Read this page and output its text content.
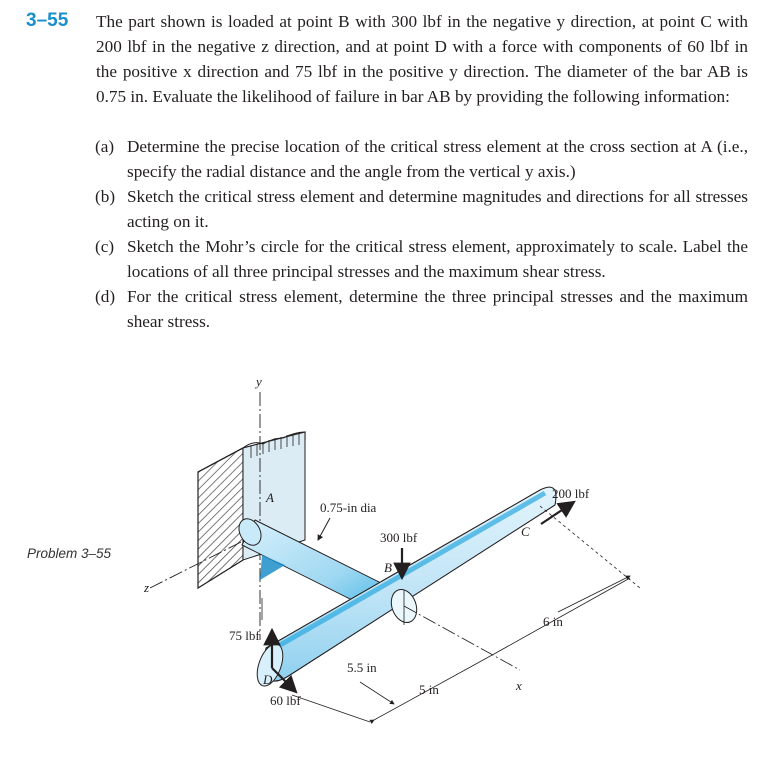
3–55 The part shown is loaded at point B with 300 lbf in the negative y direction, at point C with 200 lbf in the negative z direction, and at point D with a force with components of 60 lbf in the positive x direction and 75 lbf in the positive y direction. The diameter of the bar AB is 0.75 in. Evaluate the likelihood of failure in bar AB by providing the following information:
(a) Determine the precise location of the critical stress element at the cross section at A (i.e., specify the radial distance and the angle from the vertical y axis.)
(b) Sketch the critical stress element and determine magnitudes and directions for all stresses acting on it.
(c) Sketch the Mohr’s circle for the critical stress element, approximately to scale. Label the locations of all three principal stresses and the maximum shear stress.
(d) For the critical stress element, determine the three principal stresses and the maximum shear stress.
Problem 3–55
y
z
x
A
B
C
D
0.75-in dia
300 lbf
200 lbf
75 lbf
60 lbf
5.5 in
5 in
6 in
